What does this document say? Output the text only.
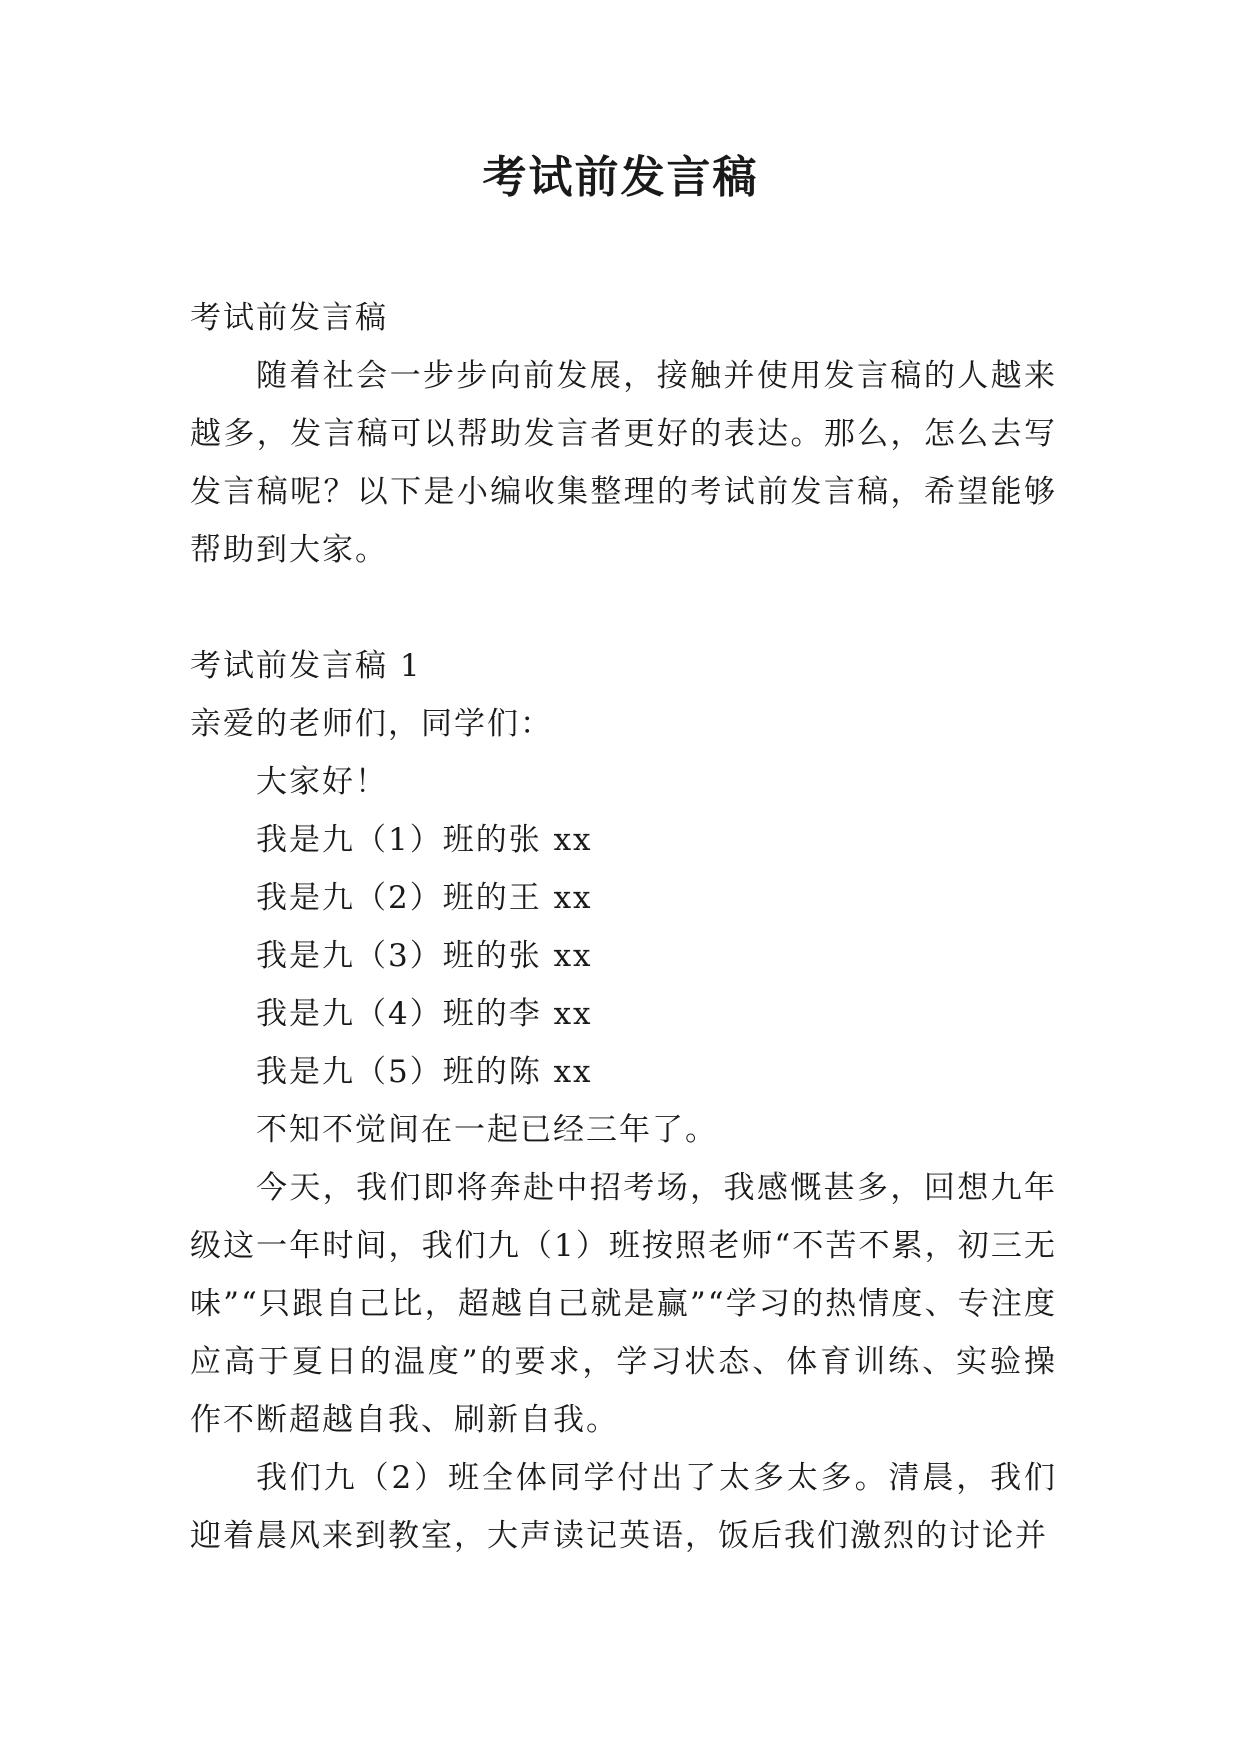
考试前发言稿

考试前发言稿

随着社会一步步向前发展，接触并使用发言稿的人越来越多，发言稿可以帮助发言者更好的表达。那么，怎么去写发言稿呢？以下是小编收集整理的考试前发言稿，希望能够帮助到大家。

考试前发言稿 1

亲爱的老师们，同学们：

大家好！

我是九（1）班的张 xx

我是九（2）班的王 xx

我是九（3）班的张 xx

我是九（4）班的李 xx

我是九（5）班的陈 xx

不知不觉间在一起已经三年了。

今天，我们即将奔赴中招考场，我感慨甚多，回想九年级这一年时间，我们九（1）班按照老师“不苦不累，初三无味”“只跟自己比，超越自己就是赢”“学习的热情度、专注度应高于夏日的温度”的要求，学习状态、体育训练、实验操作不断超越自我、刷新自我。

我们九（2）班全体同学付出了太多太多。清晨，我们迎着晨风来到教室，大声读记英语，饭后我们激烈的讨论并
